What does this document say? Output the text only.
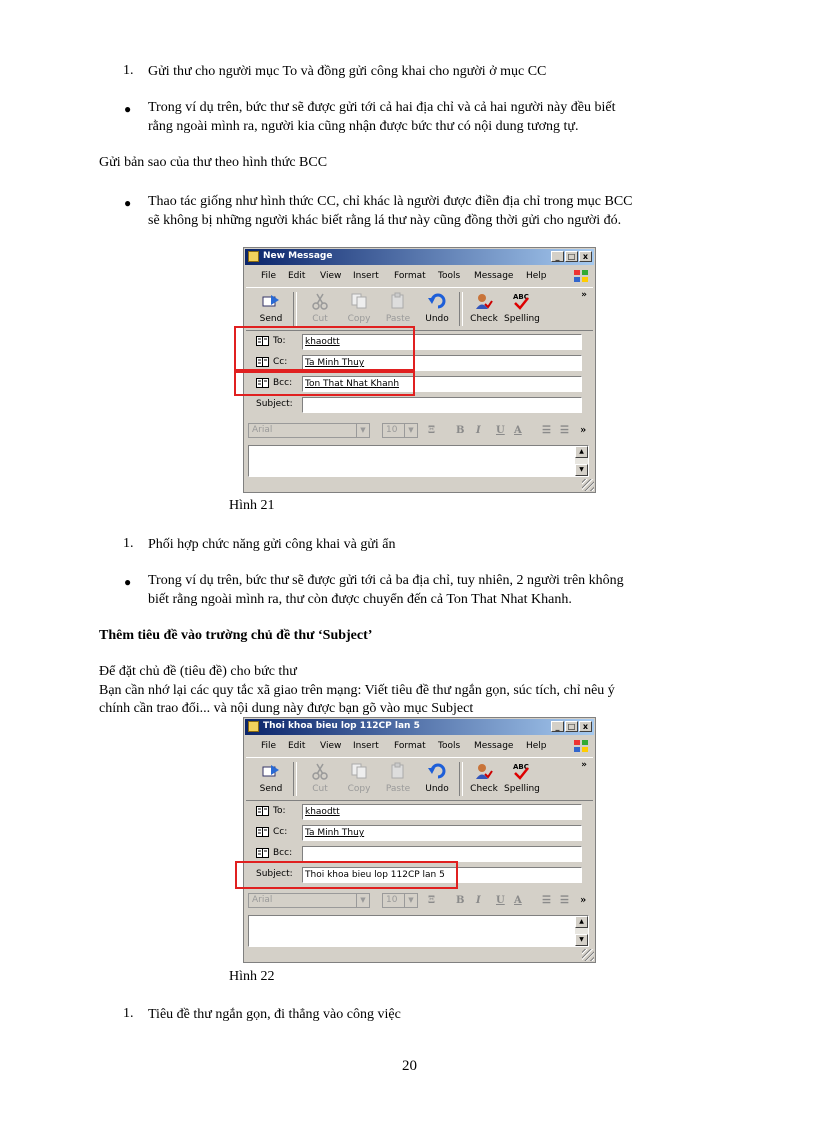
1. Gửi thư cho người mục To và đồng gửi công khai cho người ở mục CC
● Trong ví dụ trên, bức thư sẽ được gửi tới cả hai địa chỉ và cả hai người này đều biết
rằng ngoài mình ra, người kia cũng nhận được bức thư có nội dung tương tự.
Gửi bản sao của thư theo hình thức BCC
● Thao tác giống như hình thức CC, chỉ khác là người được điền địa chỉ trong mục BCC
sẽ không bị những người khác biết rằng lá thư này cũng đồng thời gửi cho người đó.
New Message	_	□ x
File Edit View Insert Format Tools Message Help
Send	Cut	Copy	Paste	Undo	Check
ABC
Spelling
»
To:	khaodtt
Cc:	Ta Minh Thuy
Bcc:	Ton That Nhat Khanh
Subject:
Arial	▼	10	▼	Ξ B I U A ☰ ☰ »
▲
▼
Hình 21
1. Phối hợp chức năng gửi công khai và gửi ẩn
● Trong ví dụ trên, bức thư sẽ được gửi tới cả ba địa chỉ, tuy nhiên, 2 người trên không
biết rằng ngoài mình ra, thư còn được chuyển đến cả Ton That Nhat Khanh.
Thêm tiêu đề vào trường chủ đề thư ‘Subject’
Để đặt chủ đề (tiêu đề) cho bức thư
Bạn cần nhớ lại các quy tắc xã giao trên mạng: Viết tiêu đề thư ngắn gọn, súc tích, chỉ nêu ý
chính cần trao đổi... và nội dung này được bạn gõ vào mục Subject
Thoi khoa bieu lop 112CP lan 5	_	□ x
File Edit View Insert Format Tools Message Help
Send	Cut	Copy	Paste	Undo	Check
ABC
Spelling
»
To:	khaodtt
Cc:	Ta Minh Thuy
Bcc:
Subject:	Thoi khoa bieu lop 112CP lan 5
Arial	▼	10	▼	Ξ B I U A ☰ ☰ »
▲
▼
Hình 22
1. Tiêu đề thư ngắn gọn, đi thẳng vào công việc
20
